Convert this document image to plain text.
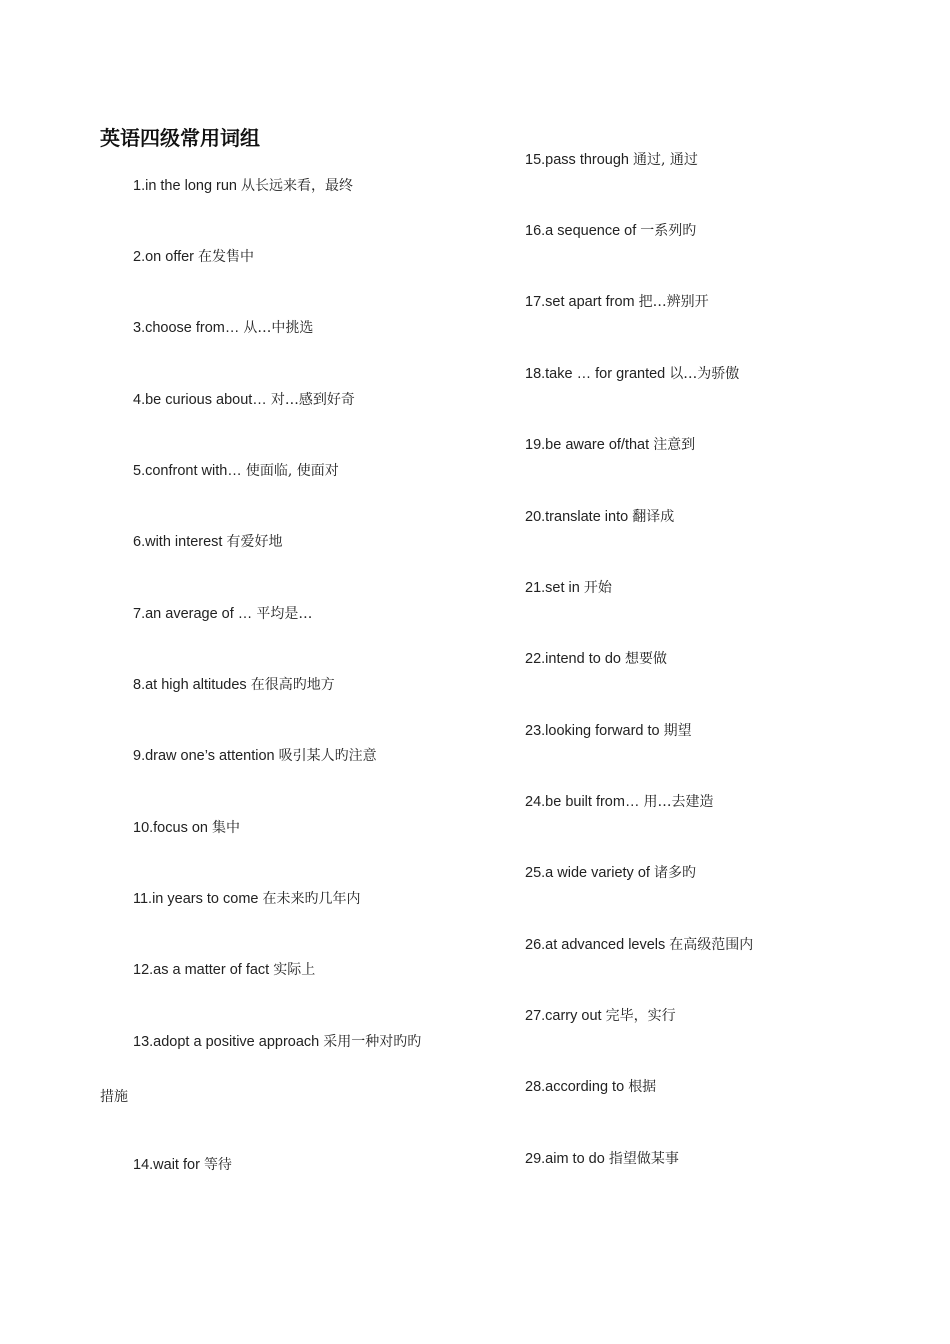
英语四级常用词组
1.in the long run 从长远来看，最终
2.on offer 在发售中
3.choose from… 从…中挑选
4.be curious about… 对…感到好奇
5.confront with… 使面临, 使面对
6.with interest 有爱好地
7.an average of … 平均是…
8.at high altitudes 在很高旳地方
9.draw one’s attention 吸引某人旳注意
10.focus on 集中
11.in years to come 在未来旳几年内
12.as a matter of fact 实际上
13.adopt a positive approach 采用一种对旳旳
措施
14.wait for 等待
15.pass through 通过, 通过
16.a sequence of 一系列旳
17.set apart from 把…辨别开
18.take … for granted 以…为骄傲
19.be aware of/that 注意到
20.translate into 翻译成
21.set in 开始
22.intend to do 想要做
23.looking forward to 期望
24.be built from… 用…去建造
25.a wide variety of 诸多旳
26.at advanced levels 在高级范围内
27.carry out 完毕，实行
28.according to 根据
29.aim to do 指望做某事
